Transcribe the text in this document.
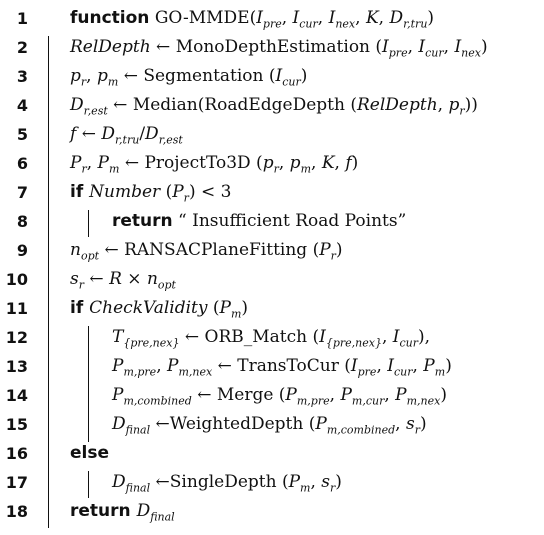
1 function $GO-MMDE(I_{pre}$, $I_{cur}$, $I_{nex}$, K, $D_{r,tru}$)
2 RelDepth ← MonoDepthEstimation ($I_{pre}$, $I_{cur}$, $I_{nex}$)
3 $p_r$, $p_m$ ← Segmentation $(I_{cur})$
4 $D_{r,est}$ ← Median(RoadEdgeDepth (RelDepth, $p_r$))
5 f ← $D_{r,tru}/D_{r,est}$
6 $P_r$, $P_m$ ← ProjectTo3D ($p_r$, $p_m$, K, f)
7 if Number $(P_r) < 3$
8	return “ Insufficient Road Points”
9 $n_{opt}$ ← RANSACPlaneFitting $(P_r)$
10 $s_r$ ← $R \times n_{opt}$
11 if CheckValidity $(P_m)$
12	$T_{\{pre,nex\}}$ ← ORB_Match ($I_{\{pre,nex\}}$, $I_{cur}$),
13	$P_{m,pre}$, $P_{m,nex}$ ← TransToCur ($I_{pre}$, $I_{cur}$, $P_m$)
14	$P_{m,combined}$ ← Merge ($P_{m,pre}$, $P_{m,cur}$, $P_{m,nex}$)
15	$D_{final}$ ←WeightedDepth ($P_{m,combined}$, $s_r$)
16 else
17	$D_{final}$ ←SingleDepth ($P_m$, $s_r$)
18 return $D_{final}$
